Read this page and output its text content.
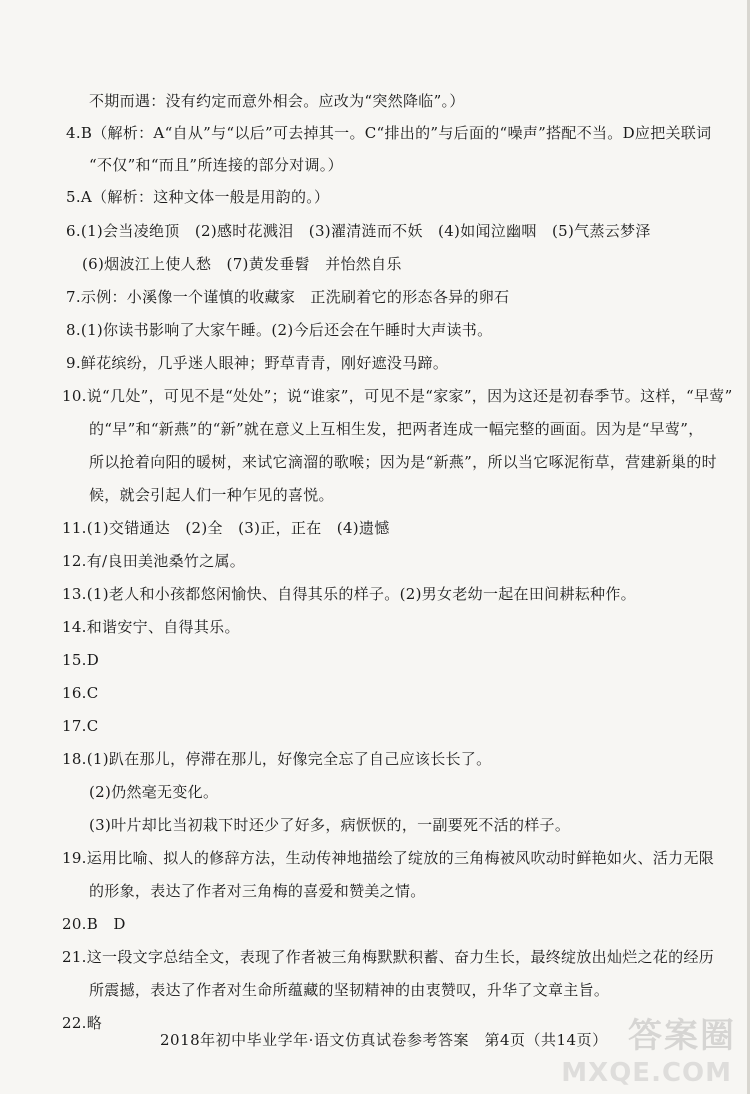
不期而遇：没有约定而意外相会。应改为“突然降临”。）
4.B（解析：A“自从”与“以后”可去掉其一。C“排出的”与后面的“噪声”搭配不当。D应把关联词
“不仅”和“而且”所连接的部分对调。）
5.A（解析：这种文体一般是用韵的。）
6.(1)会当凌绝顶　(2)感时花溅泪　(3)濯清涟而不妖　(4)如闻泣幽咽　(5)气蒸云梦泽
(6)烟波江上使人愁　(7)黄发垂髫　并怡然自乐
7.示例：小溪像一个谨慎的收藏家　正洗刷着它的形态各异的卵石
8.(1)你读书影响了大家午睡。(2)今后还会在午睡时大声读书。
9.鲜花缤纷，几乎迷人眼神；野草青青，刚好遮没马蹄。
10.说“几处”，可见不是“处处”；说“谁家”，可见不是“家家”，因为这还是初春季节。这样，“早莺”
的“早”和“新燕”的“新”就在意义上互相生发，把两者连成一幅完整的画面。因为是“早莺”，
所以抢着向阳的暖树，来试它滴溜的歌喉；因为是“新燕”，所以当它啄泥衔草，营建新巢的时
候，就会引起人们一种乍见的喜悦。
11.(1)交错通达　(2)全　(3)正，正在　(4)遗憾
12.有/良田美池桑竹之属。
13.(1)老人和小孩都悠闲愉快、自得其乐的样子。(2)男女老幼一起在田间耕耘种作。
14.和谐安宁、自得其乐。
15.D
16.C
17.C
18.(1)趴在那儿，停滞在那儿，好像完全忘了自己应该长长了。
(2)仍然毫无变化。
(3)叶片却比当初栽下时还少了好多，病恹恹的，一副要死不活的样子。
19.运用比喻、拟人的修辞方法，生动传神地描绘了绽放的三角梅被风吹动时鲜艳如火、活力无限
的形象，表达了作者对三角梅的喜爱和赞美之情。
20.B　D
21.这一段文字总结全文，表现了作者被三角梅默默积蓄、奋力生长，最终绽放出灿烂之花的经历
所震撼，表达了作者对生命所蕴藏的坚韧精神的由衷赞叹，升华了文章主旨。
22.略
2018年初中毕业学年·语文仿真试卷参考答案　第4页（共14页） 答案圈
MXQE.COM
